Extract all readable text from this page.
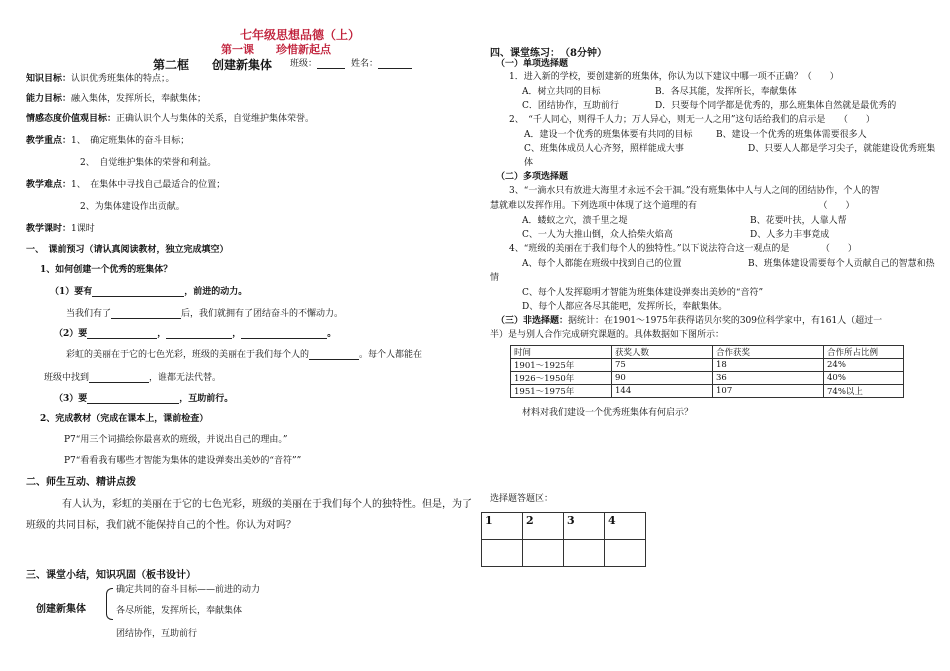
七年级思想品德（上）
第一课　　珍惜新起点
第二框 创建新集体 班级：	姓名：
知识目标：认识优秀班集体的特点；。
能力目标：融入集体，发挥所长，奉献集体；
情感态度价值观目标：正确认识个人与集体的关系，自觉维护集体荣誉。
教学重点：1、　确定班集体的奋斗目标；
2、　自觉维护集体的荣誉和利益。
教学难点：1、　在集体中寻找自己最适合的位置；
2、为集体建设作出贡献。
教学课时：1课时
一、　课前预习（请认真阅读教材，独立完成填空）
1、如何创建一个优秀的班集体？
（1）要有	，前进的动力。
当我们有了	后，我们就拥有了团结奋斗的不懈动力。
（2）要	，	，	。
彩虹的美丽在于它的七色光彩，班级的美丽在于我们每个人的	。每个人都能在
班级中找到	，谁都无法代替。
（3）要	，互助前行。
2、完成教材（完成在课本上，课前检查）
P7“用三个词描绘你最喜欢的班级，并说出自己的理由。”
P7“看看我有哪些才智能为集体的建设弹奏出美妙的“音符””
二、师生互动、精讲点拨
有人认为，彩虹的美丽在于它的七色光彩，班级的美丽在于我们每个人的独特性。但是，为了
班级的共同目标，我们就不能保持自己的个性。你认为对吗？
三、课堂小结，知识巩固（板书设计）
创建新集体
确定共同的奋斗目标——前进的动力
各尽所能，发挥所长，奉献集体
团结协作，互助前行
四、课堂练习：　（8分钟）
（一）单项选择题
1．进入新的学校，要创建新的班集体，你认为以下建议中哪一项不正确？（　　）
A．树立共同的目标	B．各尽其能，发挥所长，奉献集体
C．团结协作，互助前行	D．只要每个同学都是优秀的，那么班集体自然就是最优秀的
2、　“千人同心，则得千人力；万人异心，则无一人之用”这句话给我们的启示是　　（　　）
A．建设一个优秀的班集体要有共同的目标	B、建设一个优秀的班集体需要很多人
C、班集体成员人心齐努，照样能成大事	D、只要人人都是学习尖子，就能建设优秀班集
体
（二）多项选择题
3、“一滴水只有放进大海里才永远不会干涸。”没有班集体中人与人之间的团结协作，个人的智
慧就难以发挥作用。下列选项中体现了这个道理的有　　　　　　　　　　　　　　（　　）
A．蝼蚁之穴，溃千里之堤	B、花要叶扶，人靠人帮
C、一人为大推山倒，众人拾柴火焰高	D、人多力丰事竟成
4、“班级的美丽在于我们每个人的独特性。”以下说法符合这一观点的是　　　　（　　）
A、每个人都能在班级中找到自己的位置	B、班集体建设需要每个人贡献自己的智慧和热
情
C、每个人发挥聪明才智能为班集体建设弹奏出美妙的“音符”
D、每个人都应各尽其能吧，发挥所长，奉献集体。
（三）非选择题：据统计：在1901～1975年获得诺贝尔奖的309位科学家中，有161人（超过一
半）是与别人合作完成研究课题的。具体数据如下图所示：
时间	获奖人数	合作获奖	合作所占比例
1901～1925年	75	18	24%
1926～1950年	90	36	40%
1951～1975年	144	107	74%以上
材料对我们建设一个优秀班集体有何启示？
选择题答题区：
1	2	3	4
